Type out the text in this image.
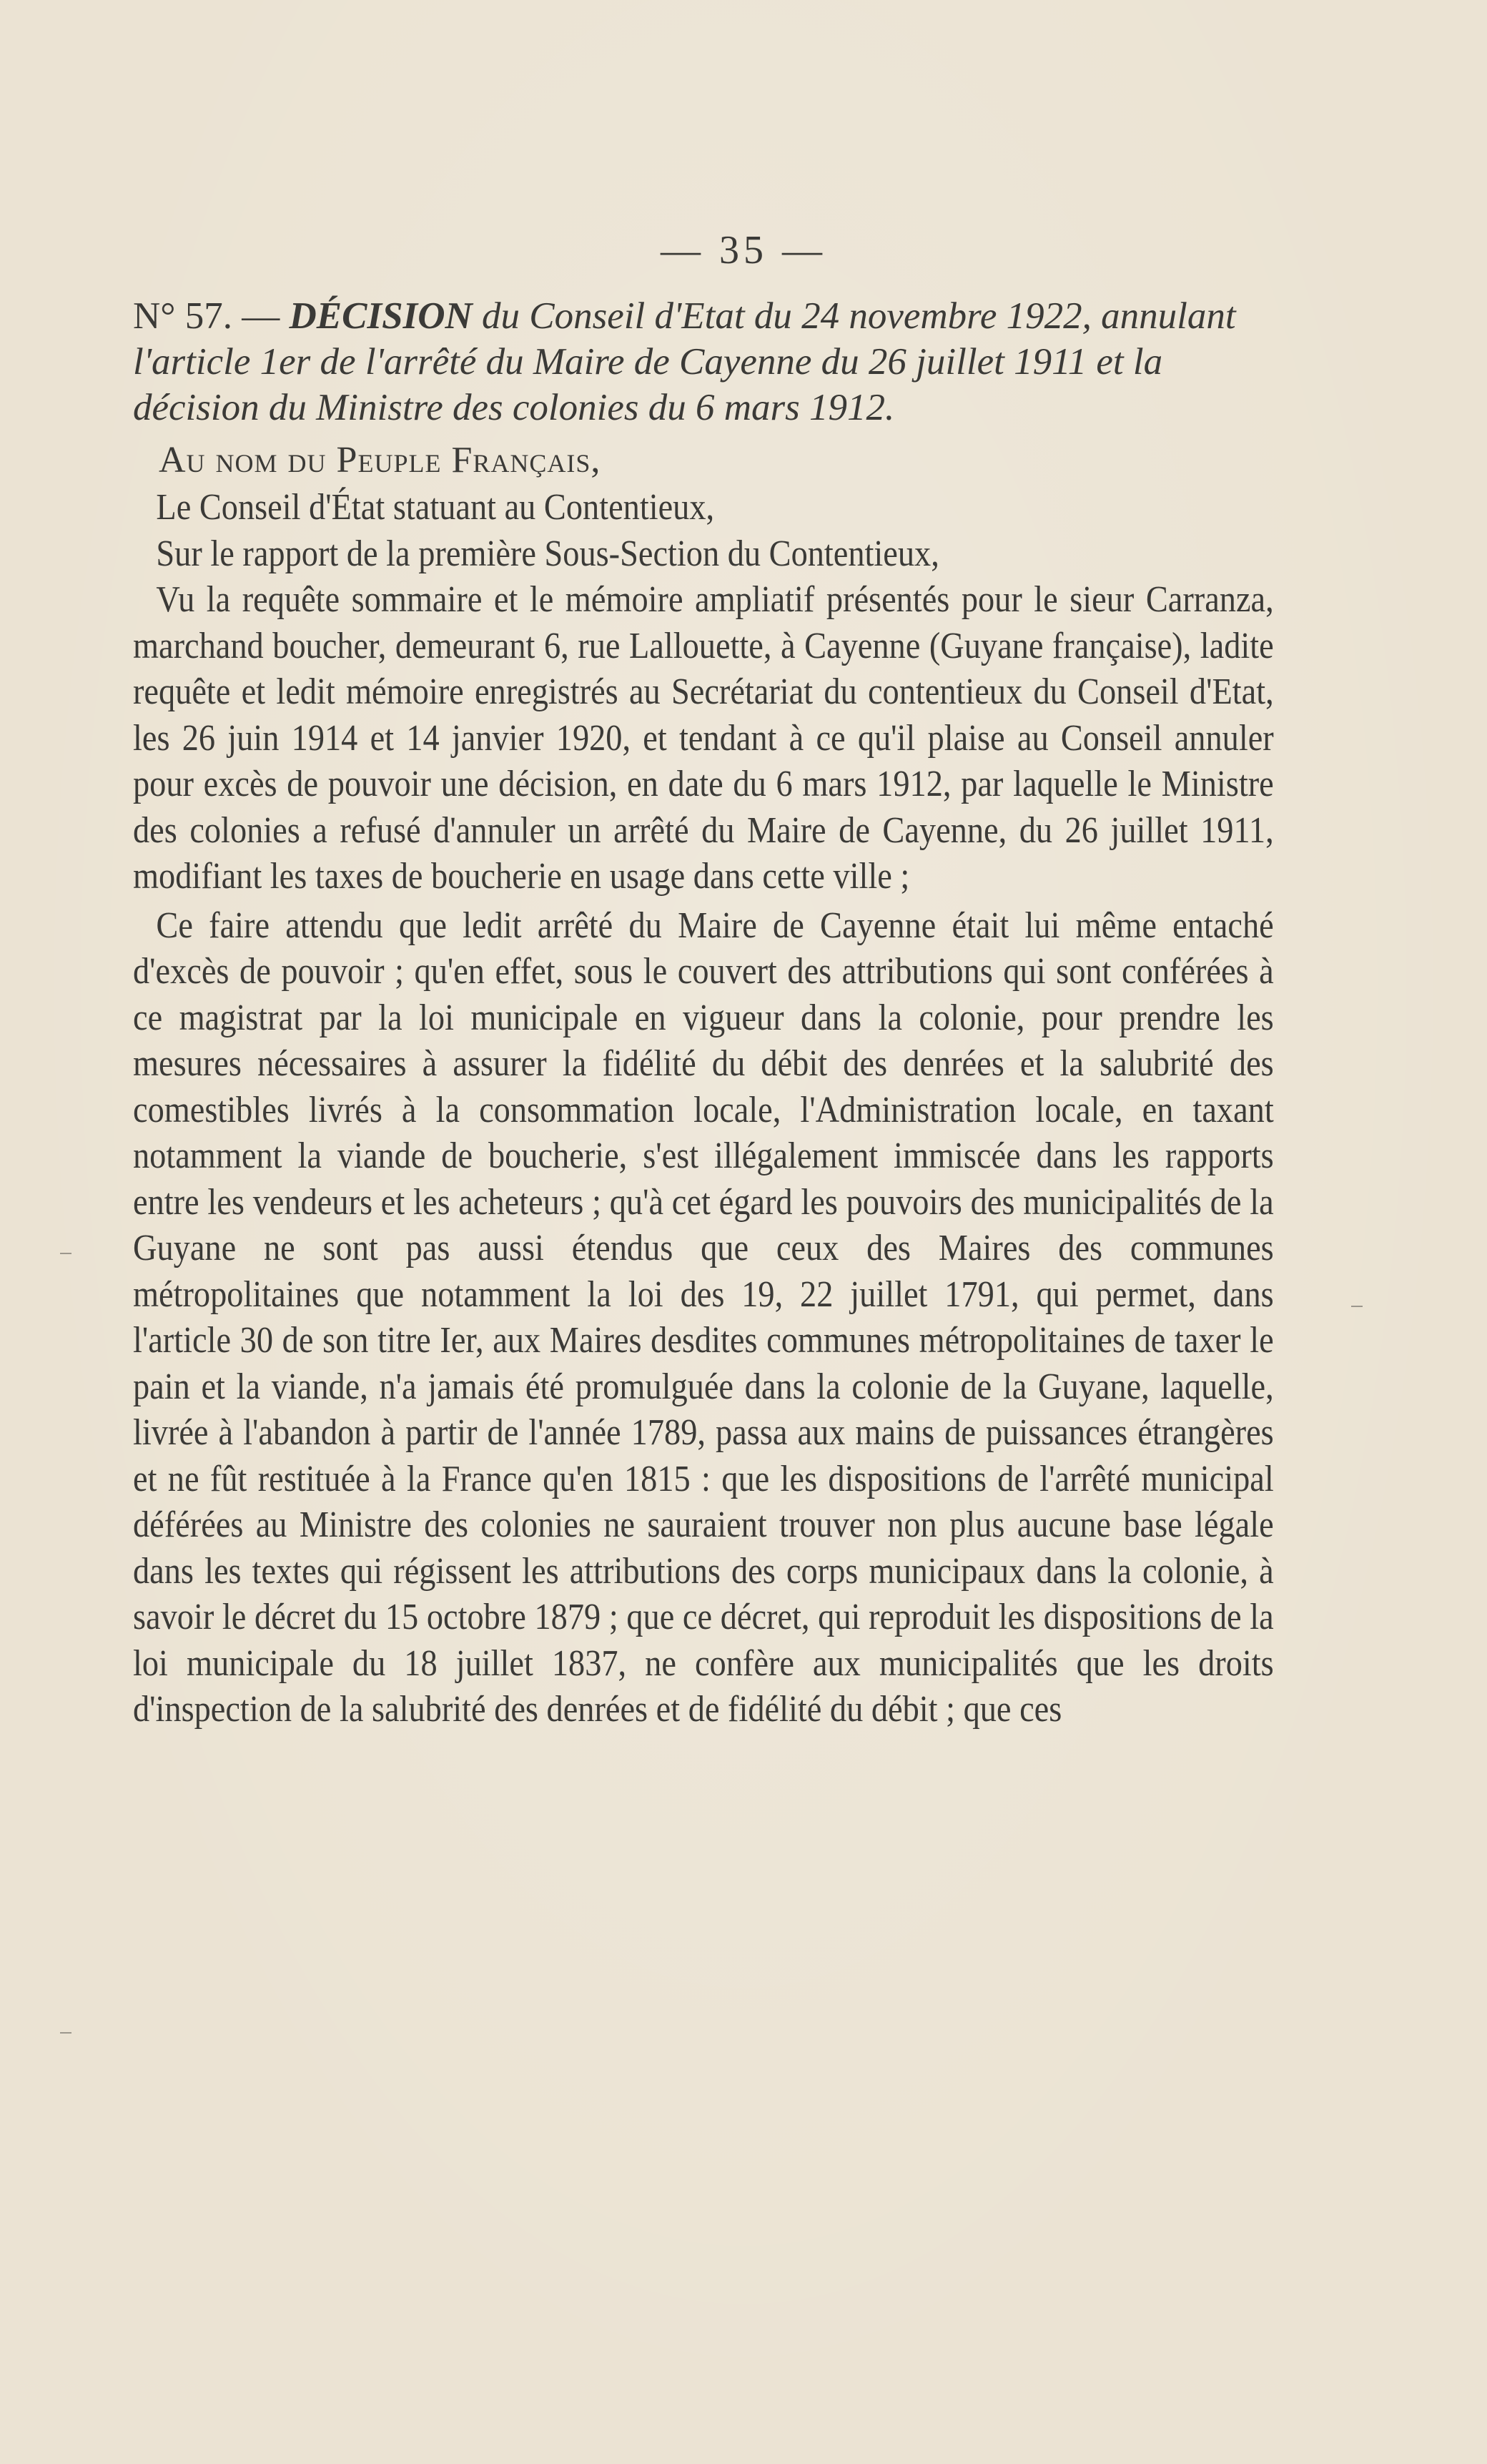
— 35 —

N° 57. — DÉCISION du Conseil d'Etat du 24 novembre 1922, annulant l'article 1er de l'arrêté du Maire de Cayenne du 26 juillet 1911 et la décision du Ministre des colonies du 6 mars 1912.

Au nom du Peuple Français,

Le Conseil d'État statuant au Contentieux,

Sur le rapport de la première Sous-Section du Contentieux,

Vu la requête sommaire et le mémoire ampliatif présentés pour le sieur Carranza, marchand boucher, demeurant 6, rue Lallouette, à Cayenne (Guyane française), ladite requête et ledit mémoire enregistrés au Secrétariat du contentieux du Conseil d'Etat, les 26 juin 1914 et 14 janvier 1920, et tendant à ce qu'il plaise au Conseil annuler pour excès de pouvoir une décision, en date du 6 mars 1912, par laquelle le Ministre des colonies a refusé d'annuler un arrêté du Maire de Cayenne, du 26 juillet 1911, modifiant les taxes de boucherie en usage dans cette ville ;

Ce faire attendu que ledit arrêté du Maire de Cayenne était lui même entaché d'excès de pouvoir ; qu'en effet, sous le couvert des attributions qui sont conférées à ce magistrat par la loi municipale en vigueur dans la colonie, pour prendre les mesures nécessaires à assurer la fidélité du débit des denrées et la salubrité des comestibles livrés à la consommation locale, l'Administration locale, en taxant notamment la viande de boucherie, s'est illégalement immiscée dans les rapports entre les vendeurs et les acheteurs ; qu'à cet égard les pouvoirs des municipalités de la Guyane ne sont pas aussi étendus que ceux des Maires des communes métropolitaines que notamment la loi des 19, 22 juillet 1791, qui permet, dans l'article 30 de son titre Ier, aux Maires desdites communes métropolitaines de taxer le pain et la viande, n'a jamais été promulguée dans la colonie de la Guyane, laquelle, livrée à l'abandon à partir de l'année 1789, passa aux mains de puissances étrangères et ne fût restituée à la France qu'en 1815 : que les dispositions de l'arrêté municipal déférées au Ministre des colonies ne sauraient trouver non plus aucune base légale dans les textes qui régissent les attributions des corps municipaux dans la colonie, à savoir le décret du 15 octobre 1879 ; que ce décret, qui reproduit les dispositions de la loi municipale du 18 juillet 1837, ne confère aux municipalités que les droits d'inspection de la salubrité des denrées et de fidélité du débit ; que ces
